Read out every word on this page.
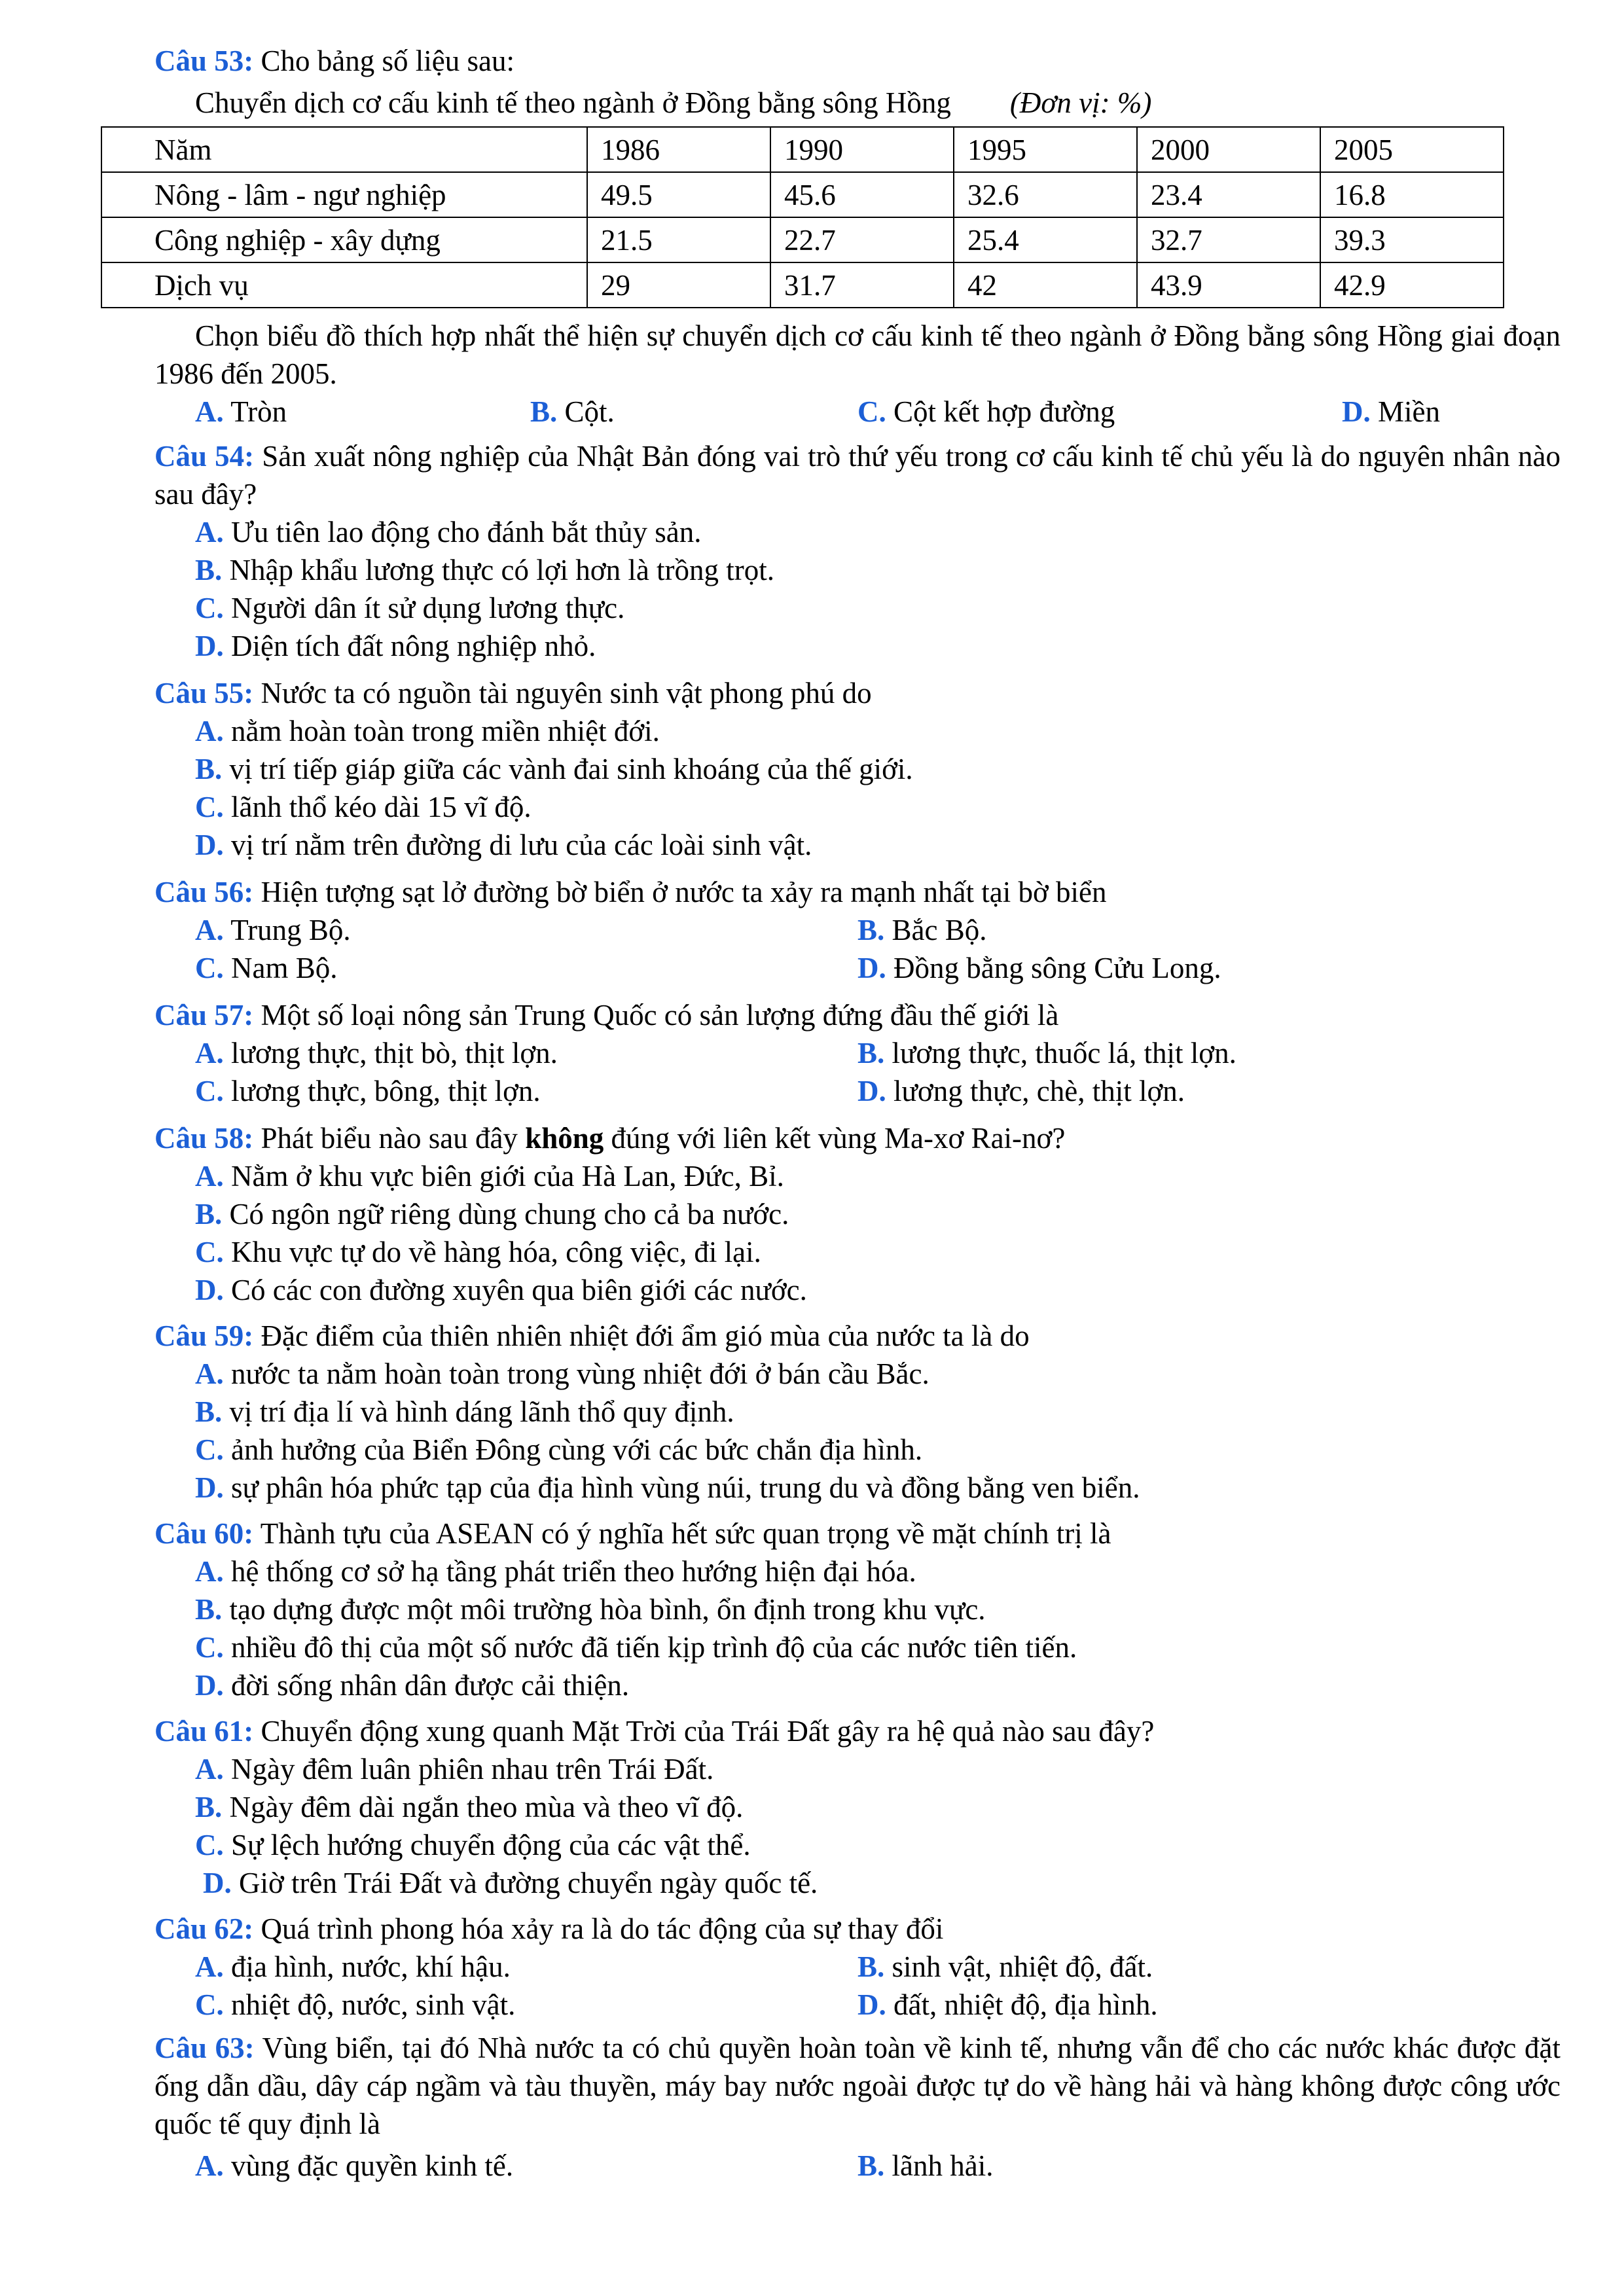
Câu 53: Cho bảng số liệu sau:
Chuyển dịch cơ cấu kinh tế theo ngành ở Đồng bằng sông Hồng (Đơn vị: %)
Năm	1986	1990	1995	2000	2005
Nông - lâm - ngư nghiệp	49.5	45.6	32.6	23.4	16.8
Công nghiệp - xây dựng	21.5	22.7	25.4	32.7	39.3
Dịch vụ	29	31.7	42	43.9	42.9
Chọn biểu đồ thích hợp nhất thể hiện sự chuyển dịch cơ cấu kinh tế theo ngành ở Đồng bằng sông Hồng giai đoạn 1986 đến 2005.
A. Tròn	B. Cột.	C. Cột kết hợp đường	D. Miền
Câu 54: Sản xuất nông nghiệp của Nhật Bản đóng vai trò thứ yếu trong cơ cấu kinh tế chủ yếu là do nguyên nhân nào sau đây?
A. Ưu tiên lao động cho đánh bắt thủy sản.
B. Nhập khẩu lương thực có lợi hơn là trồng trọt.
C. Người dân ít sử dụng lương thực.
D. Diện tích đất nông nghiệp nhỏ.
Câu 55: Nước ta có nguồn tài nguyên sinh vật phong phú do
A. nằm hoàn toàn trong miền nhiệt đới.
B. vị trí tiếp giáp giữa các vành đai sinh khoáng của thế giới.
C. lãnh thổ kéo dài 15 vĩ độ.
D. vị trí nằm trên đường di lưu của các loài sinh vật.
Câu 56: Hiện tượng sạt lở đường bờ biển ở nước ta xảy ra mạnh nhất tại bờ biển
A. Trung Bộ.	B. Bắc Bộ.
C. Nam Bộ.	D. Đồng bằng sông Cửu Long.
Câu 57: Một số loại nông sản Trung Quốc có sản lượng đứng đầu thế giới là
A. lương thực, thịt bò, thịt lợn.	B. lương thực, thuốc lá, thịt lợn.
C. lương thực, bông, thịt lợn.	D. lương thực, chè, thịt lợn.
Câu 58: Phát biểu nào sau đây không đúng với liên kết vùng Ma-xơ Rai-nơ?
A. Nằm ở khu vực biên giới của Hà Lan, Đức, Bỉ.
B. Có ngôn ngữ riêng dùng chung cho cả ba nước.
C. Khu vực tự do về hàng hóa, công việc, đi lại.
D. Có các con đường xuyên qua biên giới các nước.
Câu 59: Đặc điểm của thiên nhiên nhiệt đới ẩm gió mùa của nước ta là do
A. nước ta nằm hoàn toàn trong vùng nhiệt đới ở bán cầu Bắc.
B. vị trí địa lí và hình dáng lãnh thổ quy định.
C. ảnh hưởng của Biển Đông cùng với các bức chắn địa hình.
D. sự phân hóa phức tạp của địa hình vùng núi, trung du và đồng bằng ven biển.
Câu 60: Thành tựu của ASEAN có ý nghĩa hết sức quan trọng về mặt chính trị là
A. hệ thống cơ sở hạ tầng phát triển theo hướng hiện đại hóa.
B. tạo dựng được một môi trường hòa bình, ổn định trong khu vực.
C. nhiều đô thị của một số nước đã tiến kịp trình độ của các nước tiên tiến.
D. đời sống nhân dân được cải thiện.
Câu 61: Chuyển động xung quanh Mặt Trời của Trái Đất gây ra hệ quả nào sau đây?
A. Ngày đêm luân phiên nhau trên Trái Đất.
B. Ngày đêm dài ngắn theo mùa và theo vĩ độ.
C. Sự lệch hướng chuyển động của các vật thể.
D. Giờ trên Trái Đất và đường chuyển ngày quốc tế.
Câu 62: Quá trình phong hóa xảy ra là do tác động của sự thay đổi
A. địa hình, nước, khí hậu.	B. sinh vật, nhiệt độ, đất.
C. nhiệt độ, nước, sinh vật.	D. đất, nhiệt độ, địa hình.
Câu 63: Vùng biển, tại đó Nhà nước ta có chủ quyền hoàn toàn về kinh tế, nhưng vẫn để cho các nước khác được đặt ống dẫn dầu, dây cáp ngầm và tàu thuyền, máy bay nước ngoài được tự do về hàng hải và hàng không được công ước quốc tế quy định là
A. vùng đặc quyền kinh tế.	B. lãnh hải.
